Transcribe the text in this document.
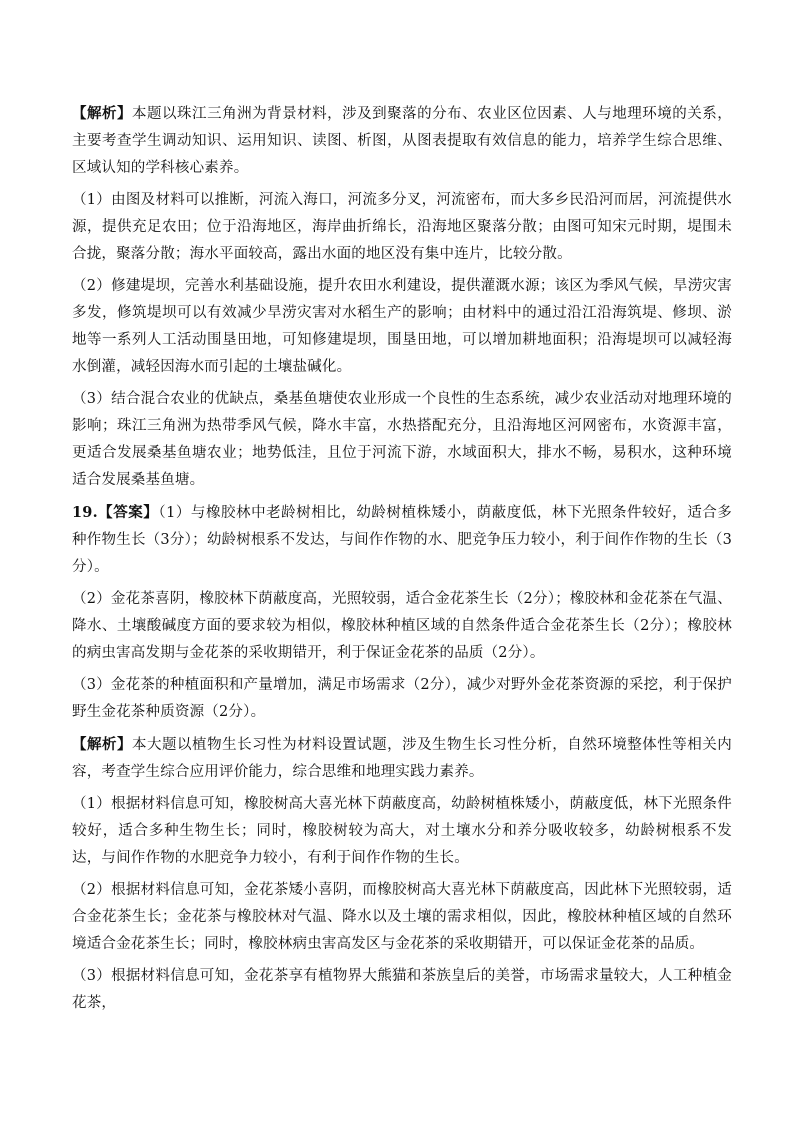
【解析】本题以珠江三角洲为背景材料，涉及到聚落的分布、农业区位因素、人与地理环境的关系，主要考查学生调动知识、运用知识、读图、析图，从图表提取有效信息的能力，培养学生综合思维、区域认知的学科核心素养。

（1）由图及材料可以推断，河流入海口，河流多分叉，河流密布，而大多乡民沿河而居，河流提供水源，提供充足农田；位于沿海地区，海岸曲折绵长，沿海地区聚落分散；由图可知宋元时期，堤围未合拢，聚落分散；海水平面较高，露出水面的地区没有集中连片，比较分散。

（2）修建堤坝，完善水利基础设施，提升农田水利建设，提供灌溉水源；该区为季风气候，旱涝灾害多发，修筑堤坝可以有效减少旱涝灾害对水稻生产的影响；由材料中的通过沿江沿海筑堤、修坝、淤地等一系列人工活动围垦田地，可知修建堤坝，围垦田地，可以增加耕地面积；沿海堤坝可以减轻海水倒灌，减轻因海水而引起的土壤盐碱化。

（3）结合混合农业的优缺点，桑基鱼塘使农业形成一个良性的生态系统，减少农业活动对地理环境的影响；珠江三角洲为热带季风气候，降水丰富，水热搭配充分，且沿海地区河网密布，水资源丰富，更适合发展桑基鱼塘农业；地势低洼，且位于河流下游，水域面积大，排水不畅，易积水，这种环境适合发展桑基鱼塘。

19.【答案】（1）与橡胶林中老龄树相比，幼龄树植株矮小，荫蔽度低，林下光照条件较好，适合多种作物生长（3分）；幼龄树根系不发达，与间作作物的水、肥竞争压力较小，利于间作作物的生长（3分）。

（2）金花茶喜阴，橡胶林下荫蔽度高，光照较弱，适合金花茶生长（2分）；橡胶林和金花茶在气温、降水、土壤酸碱度方面的要求较为相似，橡胶林种植区域的自然条件适合金花茶生长（2分）；橡胶林的病虫害高发期与金花茶的采收期错开，利于保证金花茶的品质（2分）。

（3）金花茶的种植面积和产量增加，满足市场需求（2分），减少对野外金花茶资源的采挖，利于保护野生金花茶种质资源（2分）。

【解析】本大题以植物生长习性为材料设置试题，涉及生物生长习性分析，自然环境整体性等相关内容，考查学生综合应用评价能力，综合思维和地理实践力素养。

（1）根据材料信息可知，橡胶树高大喜光林下荫蔽度高，幼龄树植株矮小，荫蔽度低，林下光照条件较好，适合多种生物生长；同时，橡胶树较为高大，对土壤水分和养分吸收较多，幼龄树根系不发达，与间作作物的水肥竞争力较小，有利于间作作物的生长。

（2）根据材料信息可知，金花茶矮小喜阴，而橡胶树高大喜光林下荫蔽度高，因此林下光照较弱，适合金花茶生长；金花茶与橡胶林对气温、降水以及土壤的需求相似，因此，橡胶林种植区域的自然环境适合金花茶生长；同时，橡胶林病虫害高发区与金花茶的采收期错开，可以保证金花茶的品质。

（3）根据材料信息可知，金花茶享有植物界大熊猫和茶族皇后的美誉，市场需求量较大，人工种植金花茶，
